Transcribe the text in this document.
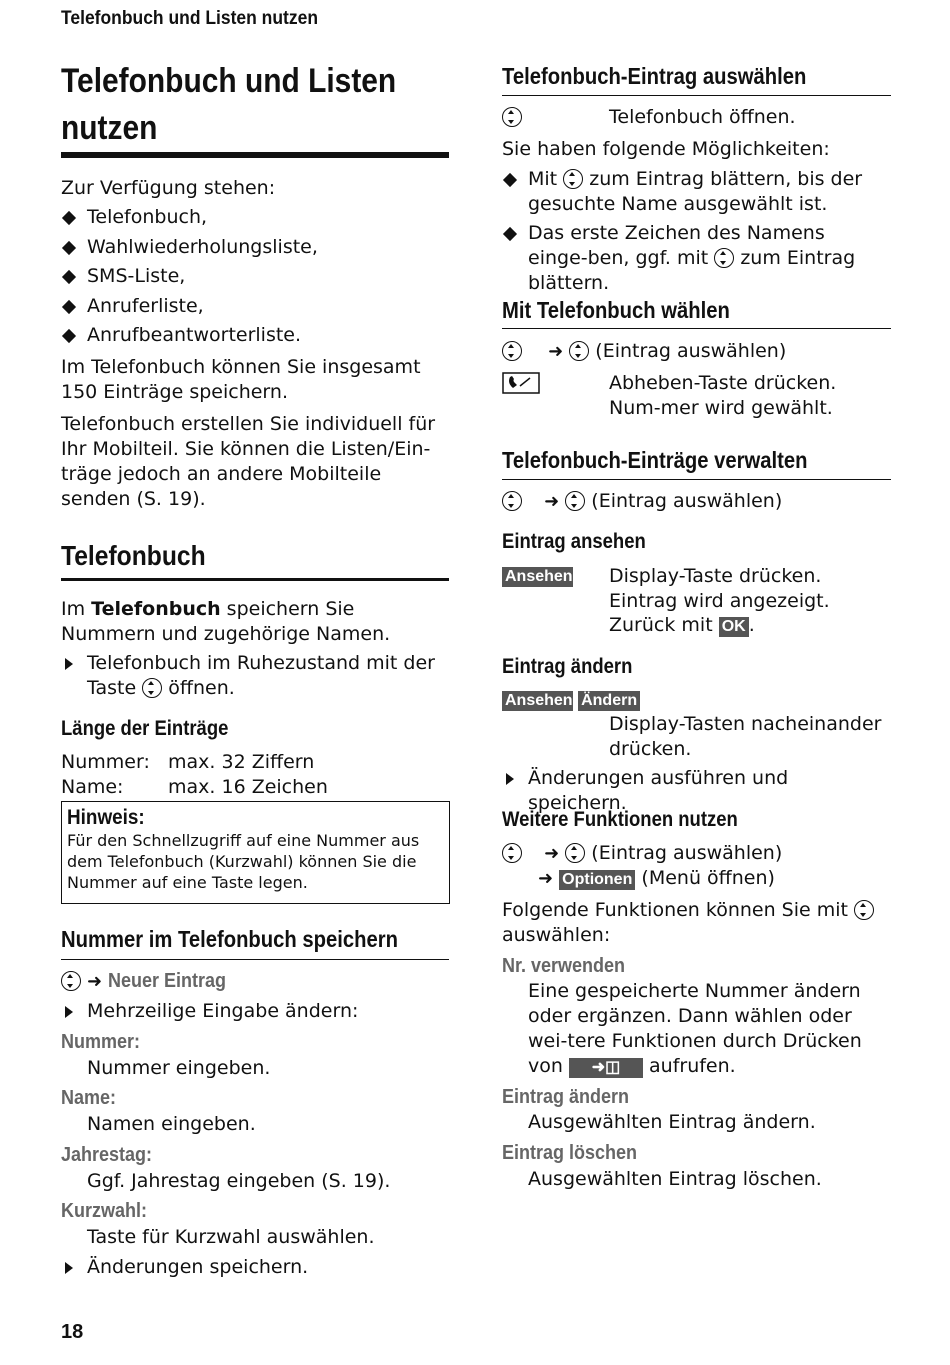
Telefonbuch und Listen nutzen
Telefonbuch und Listen nutzen
Zur Verfügung stehen:
Telefonbuch,
Wahlwiederholungsliste,
SMS-Liste,
Anruferliste,
Anrufbeantworterliste.
Im Telefonbuch können Sie insgesamt 150 Einträge speichern.
Telefonbuch erstellen Sie individuell für Ihr Mobilteil. Sie können die Listen/Ein-träge jedoch an andere Mobilteile senden (S. 19).
Telefonbuch
Im Telefonbuch speichern Sie Nummern und zugehörige Namen.
Telefonbuch im Ruhezustand mit der Taste öffnen.
Länge der Einträge
Nummer: max. 32 Ziffern
Name: max. 16 Zeichen
Hinweis:
Für den Schnellzugriff auf eine Nummer aus dem Telefonbuch (Kurzwahl) können Sie die Nummer auf eine Taste legen.
Nummer im Telefonbuch speichern
➜ Neuer Eintrag
Mehrzeilige Eingabe ändern:
Nummer:
Nummer eingeben.
Name:
Namen eingeben.
Jahrestag:
Ggf. Jahrestag eingeben (S. 19).
Kurzwahl:
Taste für Kurzwahl auswählen.
Änderungen speichern.
Telefonbuch-Eintrag auswählen
Telefonbuch öffnen.
Sie haben folgende Möglichkeiten:
Mit zum Eintrag blättern, bis der gesuchte Name ausgewählt ist.
Das erste Zeichen des Namens einge-ben, ggf. mit zum Eintrag blättern.
Mit Telefonbuch wählen
➜ (Eintrag auswählen)
Abheben-Taste drücken. Num-mer wird gewählt.
Telefonbuch-Einträge verwalten
➜ (Eintrag auswählen)
Eintrag ansehen
Ansehen Display-Taste drücken. Eintrag wird angezeigt.
Zurück mit OK .
Eintrag ändern
Ansehen Ändern
Display-Tasten nacheinander drücken.
Änderungen ausführen und speichern.
Weitere Funktionen nutzen
➜ (Eintrag auswählen)
➜ Optionen (Menü öffnen)
Folgende Funktionen können Sie mit  auswählen:
Nr. verwenden
Eine gespeicherte Nummer ändern oder ergänzen. Dann wählen oder wei-tere Funktionen durch Drücken von ➜◫ aufrufen.
Eintrag ändern
Ausgewählten Eintrag ändern.
Eintrag löschen
Ausgewählten Eintrag löschen.
18
